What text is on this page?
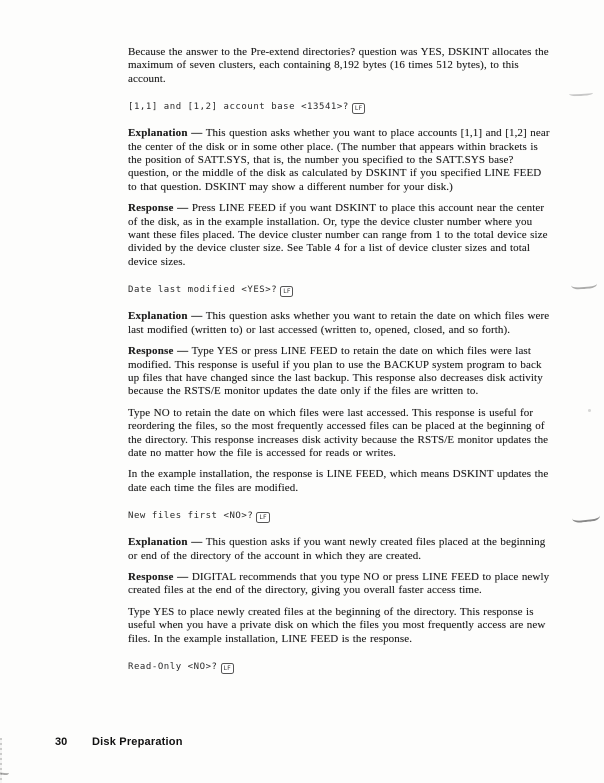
Because the answer to the Pre-extend directories? question was YES, DSKINT allocates the maximum of seven clusters, each containing 8,192 bytes (16 times 512 bytes), to this account.

[1,1] and [1,2] account base <13541>? LF

Explanation — This question asks whether you want to place accounts [1,1] and [1,2] near the center of the disk or in some other place. (The number that appears within brackets is the position of SATT.SYS, that is, the number you specified to the SATT.SYS base? question, or the middle of the disk as calculated by DSKINT if you specified LINE FEED to that question. DSKINT may show a different number for your disk.)

Response — Press LINE FEED if you want DSKINT to place this account near the center of the disk, as in the example installation. Or, type the device cluster number where you want these files placed. The device cluster number can range from 1 to the total device size divided by the device cluster size. See Table 4 for a list of device cluster sizes and total device sizes.

Date last modified <YES>? LF

Explanation — This question asks whether you want to retain the date on which files were last modified (written to) or last accessed (written to, opened, closed, and so forth).

Response — Type YES or press LINE FEED to retain the date on which files were last modified. This response is useful if you plan to use the BACKUP system program to back up files that have changed since the last backup. This response also decreases disk activity because the RSTS/E monitor updates the date only if the files are written to.

Type NO to retain the date on which files were last accessed. This response is useful for reordering the files, so the most frequently accessed files can be placed at the beginning of the directory. This response increases disk activity because the RSTS/E monitor updates the date no matter how the file is accessed for reads or writes.

In the example installation, the response is LINE FEED, which means DSKINT updates the date each time the files are modified.

New files first <NO>? LF

Explanation — This question asks if you want newly created files placed at the beginning or end of the directory of the account in which they are created.

Response — DIGITAL recommends that you type NO or press LINE FEED to place newly created files at the end of the directory, giving you overall faster access time.

Type YES to place newly created files at the beginning of the directory. This response is useful when you have a private disk on which the files you most frequently access are new files. In the example installation, LINE FEED is the response.

Read-Only <NO>? LF

30 Disk Preparation
